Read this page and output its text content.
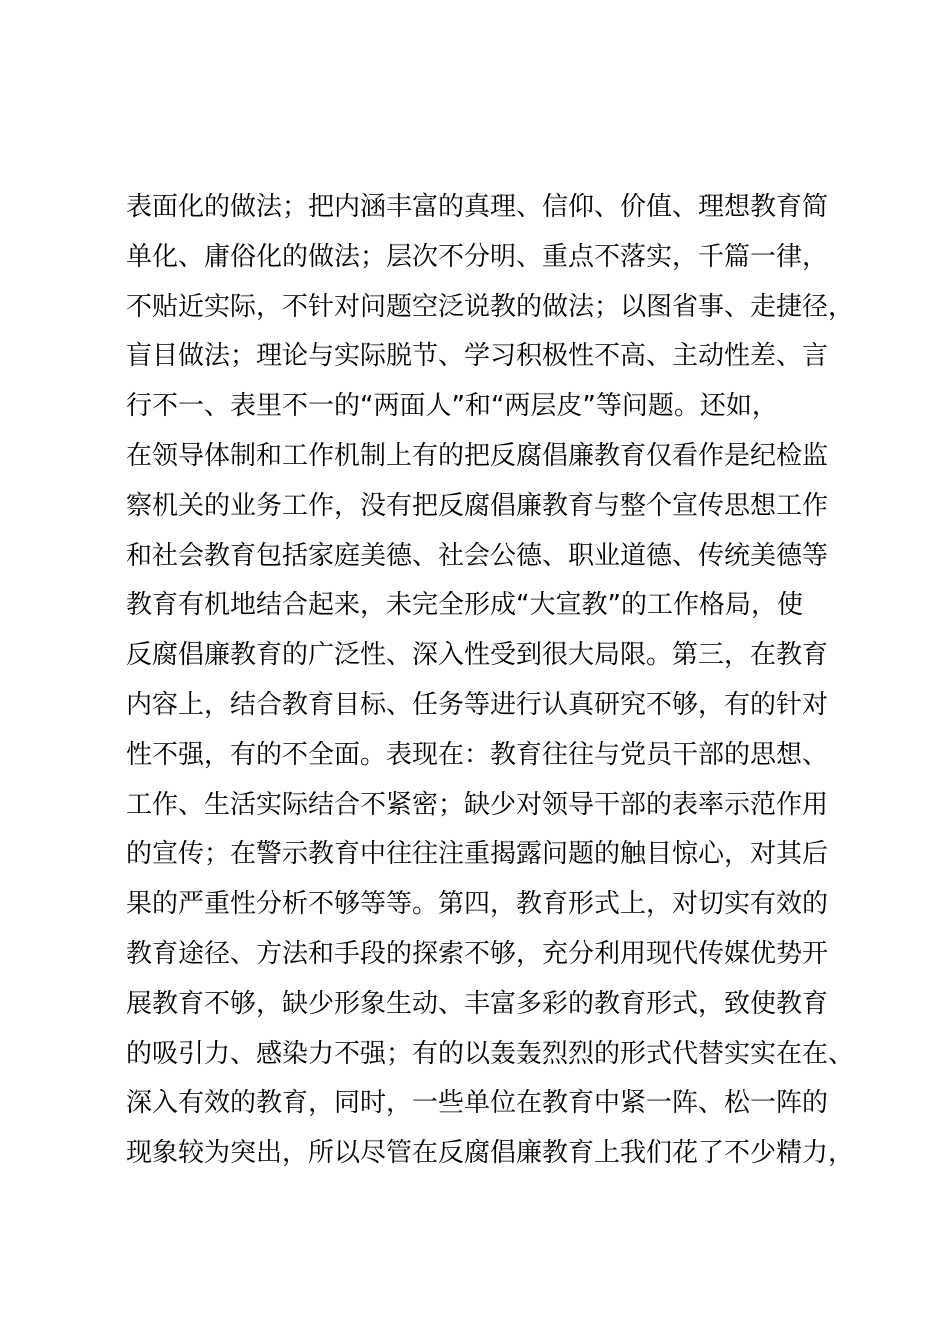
表面化的做法；把内涵丰富的真理、信仰、价值、理想教育简
单化、庸俗化的做法；层次不分明、重点不落实，千篇一律，
不贴近实际，不针对问题空泛说教的做法；以图省事、走捷径，
盲目做法；理论与实际脱节、学习积极性不高、主动性差、言
行不一、表里不一的“两面人”和“两层皮”等问题。还如，
在领导体制和工作机制上有的把反腐倡廉教育仅看作是纪检监
察机关的业务工作，没有把反腐倡廉教育与整个宣传思想工作
和社会教育包括家庭美德、社会公德、职业道德、传统美德等
教育有机地结合起来，未完全形成“大宣教”的工作格局，使
反腐倡廉教育的广泛性、深入性受到很大局限。第三，在教育
内容上，结合教育目标、任务等进行认真研究不够，有的针对
性不强，有的不全面。表现在：教育往往与党员干部的思想、
工作、生活实际结合不紧密；缺少对领导干部的表率示范作用
的宣传；在警示教育中往往注重揭露问题的触目惊心，对其后
果的严重性分析不够等等。第四，教育形式上，对切实有效的
教育途径、方法和手段的探索不够，充分利用现代传媒优势开
展教育不够，缺少形象生动、丰富多彩的教育形式，致使教育
的吸引力、感染力不强；有的以轰轰烈烈的形式代替实实在在、
深入有效的教育，同时，一些单位在教育中紧一阵、松一阵的
现象较为突出，所以尽管在反腐倡廉教育上我们花了不少精力，
